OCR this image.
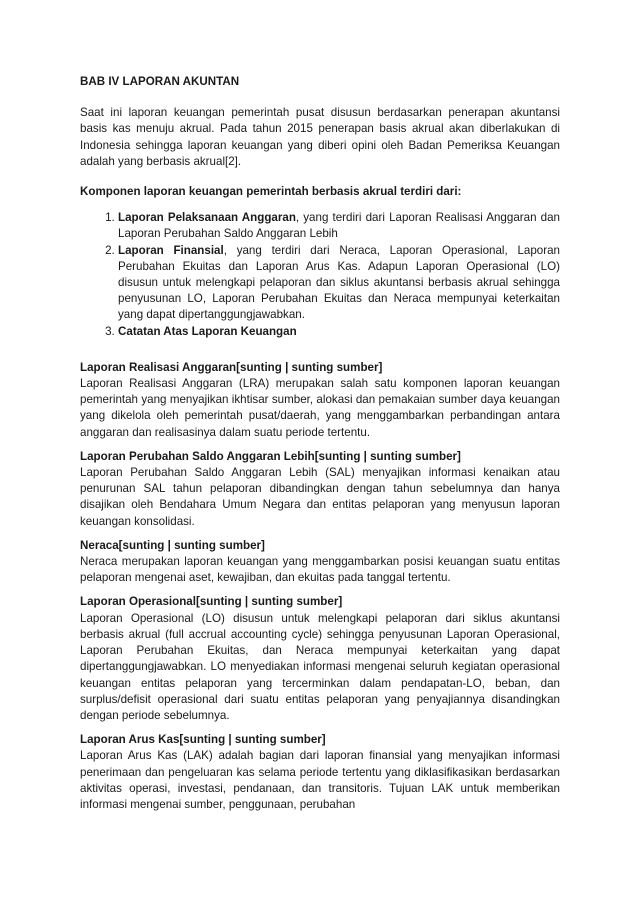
BAB IV LAPORAN AKUNTAN

Saat ini laporan keuangan pemerintah pusat disusun berdasarkan penerapan akuntansi basis kas menuju akrual. Pada tahun 2015 penerapan basis akrual akan diberlakukan di Indonesia sehingga laporan keuangan yang diberi opini oleh Badan Pemeriksa Keuangan adalah yang berbasis akrual[2].

Komponen laporan keuangan pemerintah berbasis akrual terdiri dari:

1. Laporan Pelaksanaan Anggaran, yang terdiri dari Laporan Realisasi Anggaran dan Laporan Perubahan Saldo Anggaran Lebih
2. Laporan Finansial, yang terdiri dari Neraca, Laporan Operasional, Laporan Perubahan Ekuitas dan Laporan Arus Kas. Adapun Laporan Operasional (LO) disusun untuk melengkapi pelaporan dan siklus akuntansi berbasis akrual sehingga penyusunan LO, Laporan Perubahan Ekuitas dan Neraca mempunyai keterkaitan yang dapat dipertanggungjawabkan.
3. Catatan Atas Laporan Keuangan

Laporan Realisasi Anggaran[sunting | sunting sumber]

Laporan Realisasi Anggaran (LRA) merupakan salah satu komponen laporan keuangan pemerintah yang menyajikan ikhtisar sumber, alokasi dan pemakaian sumber daya keuangan yang dikelola oleh pemerintah pusat/daerah, yang menggambarkan perbandingan antara anggaran dan realisasinya dalam suatu periode tertentu.

Laporan Perubahan Saldo Anggaran Lebih[sunting | sunting sumber]

Laporan Perubahan Saldo Anggaran Lebih (SAL) menyajikan informasi kenaikan atau penurunan SAL tahun pelaporan dibandingkan dengan tahun sebelumnya dan hanya disajikan oleh Bendahara Umum Negara dan entitas pelaporan yang menyusun laporan keuangan konsolidasi.

Neraca[sunting | sunting sumber]

Neraca merupakan laporan keuangan yang menggambarkan posisi keuangan suatu entitas pelaporan mengenai aset, kewajiban, dan ekuitas pada tanggal tertentu.

Laporan Operasional[sunting | sunting sumber]

Laporan Operasional (LO) disusun untuk melengkapi pelaporan dari siklus akuntansi berbasis akrual (full accrual accounting cycle) sehingga penyusunan Laporan Operasional, Laporan Perubahan Ekuitas, dan Neraca mempunyai keterkaitan yang dapat dipertanggungjawabkan. LO menyediakan informasi mengenai seluruh kegiatan operasional keuangan entitas pelaporan yang tercerminkan dalam pendapatan-LO, beban, dan surplus/defisit operasional dari suatu entitas pelaporan yang penyajiannya disandingkan dengan periode sebelumnya.

Laporan Arus Kas[sunting | sunting sumber]

Laporan Arus Kas (LAK) adalah bagian dari laporan finansial yang menyajikan informasi penerimaan dan pengeluaran kas selama periode tertentu yang diklasifikasikan berdasarkan aktivitas operasi, investasi, pendanaan, dan transitoris. Tujuan LAK untuk memberikan informasi mengenai sumber, penggunaan, perubahan
